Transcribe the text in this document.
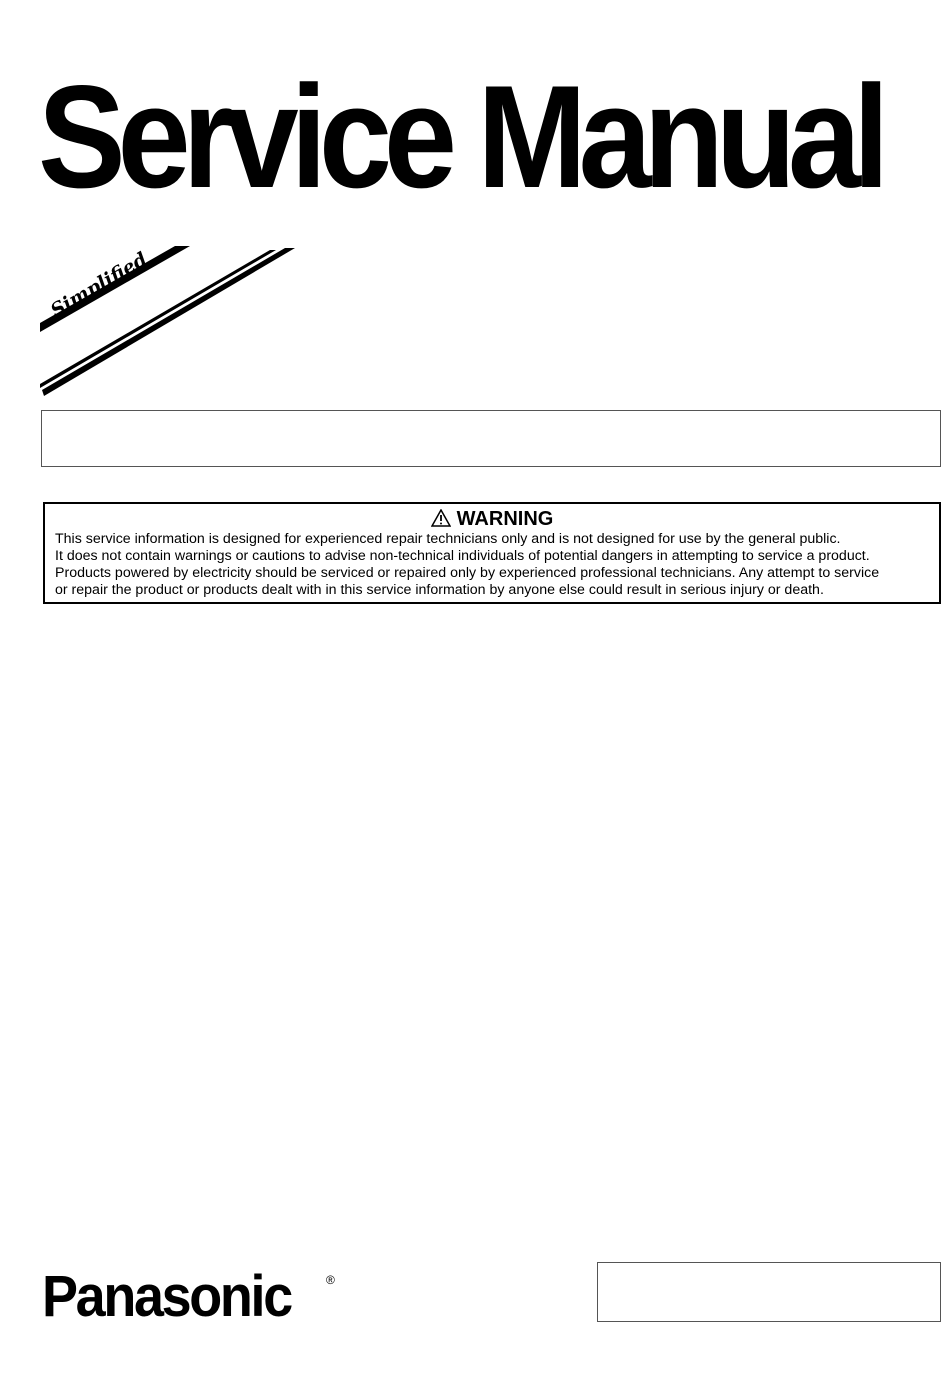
Service Manual
Simplified
WARNING
This service information is designed for experienced repair technicians only and is not designed for use by the general public.
It does not contain warnings or cautions to advise non-technical individuals of potential dangers in attempting to service a product.
Products powered by electricity should be serviced or repaired only by experienced professional technicians. Any attempt to service
or repair the product or products dealt with in this service information by anyone else could result in serious injury or death.
Panasonic	®
